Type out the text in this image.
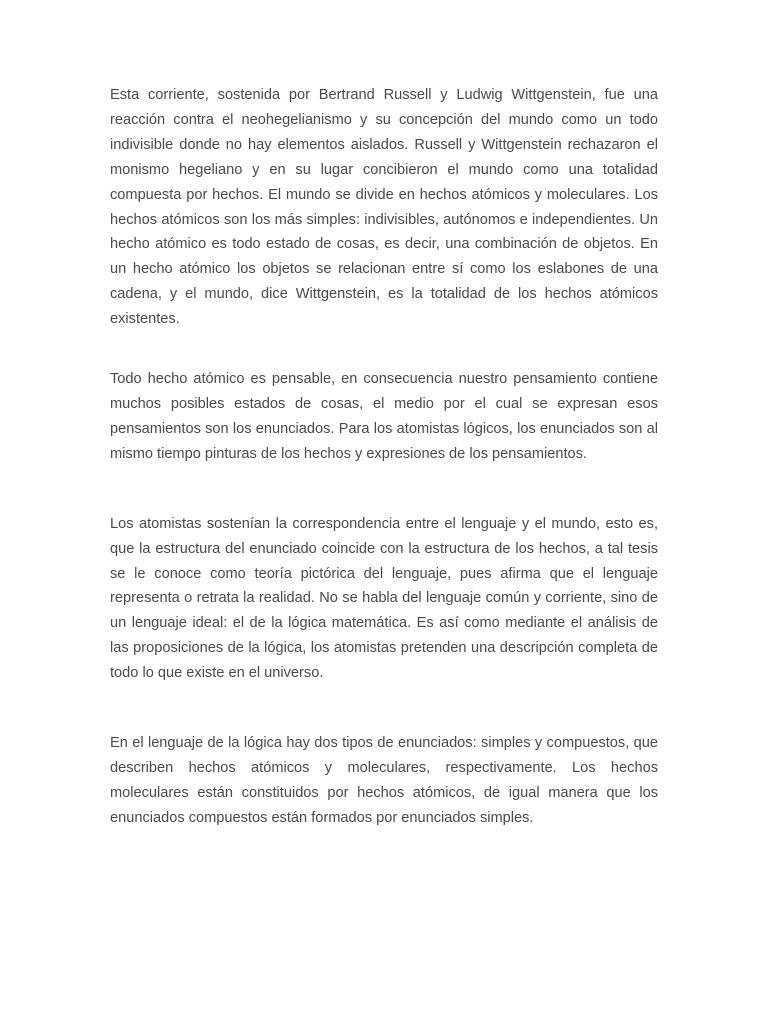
Esta corriente, sostenida por Bertrand Russell y Ludwig Wittgenstein, fue una reacción contra el neohegelianismo y su concepción del mundo como un todo indivisible donde no hay elementos aislados. Russell y Wittgenstein rechazaron el monismo hegeliano y en su lugar concibieron el mundo como una totalidad compuesta por hechos. El mundo se divide en hechos atómicos y moleculares. Los hechos atómicos son los más simples: indivisibles, autónomos e independientes. Un hecho atómico es todo estado de cosas, es decir, una combinación de objetos. En un hecho atómico los objetos se relacionan entre sí como los eslabones de una cadena, y el mundo, dice Wittgenstein, es la totalidad de los hechos atómicos existentes.

Todo hecho atómico es pensable, en consecuencia nuestro pensamiento contiene muchos posibles estados de cosas, el medio por el cual se expresan esos pensamientos son los enunciados. Para los atomistas lógicos, los enunciados son al mismo tiempo pinturas de los hechos y expresiones de los pensamientos.

Los atomistas sostenían la correspondencia entre el lenguaje y el mundo, esto es, que la estructura del enunciado coincide con la estructura de los hechos, a tal tesis se le conoce como teoría pictórica del lenguaje, pues afirma que el lenguaje representa o retrata la realidad. No se habla del lenguaje común y corriente, sino de un lenguaje ideal: el de la lógica matemática. Es así como mediante el análisis de las proposiciones de la lógica, los atomistas pretenden una descripción completa de todo lo que existe en el universo.

En el lenguaje de la lógica hay dos tipos de enunciados: simples y compuestos, que describen hechos atómicos y moleculares, respectivamente. Los hechos moleculares están constituidos por hechos atómicos, de igual manera que los enunciados compuestos están formados por enunciados simples.
